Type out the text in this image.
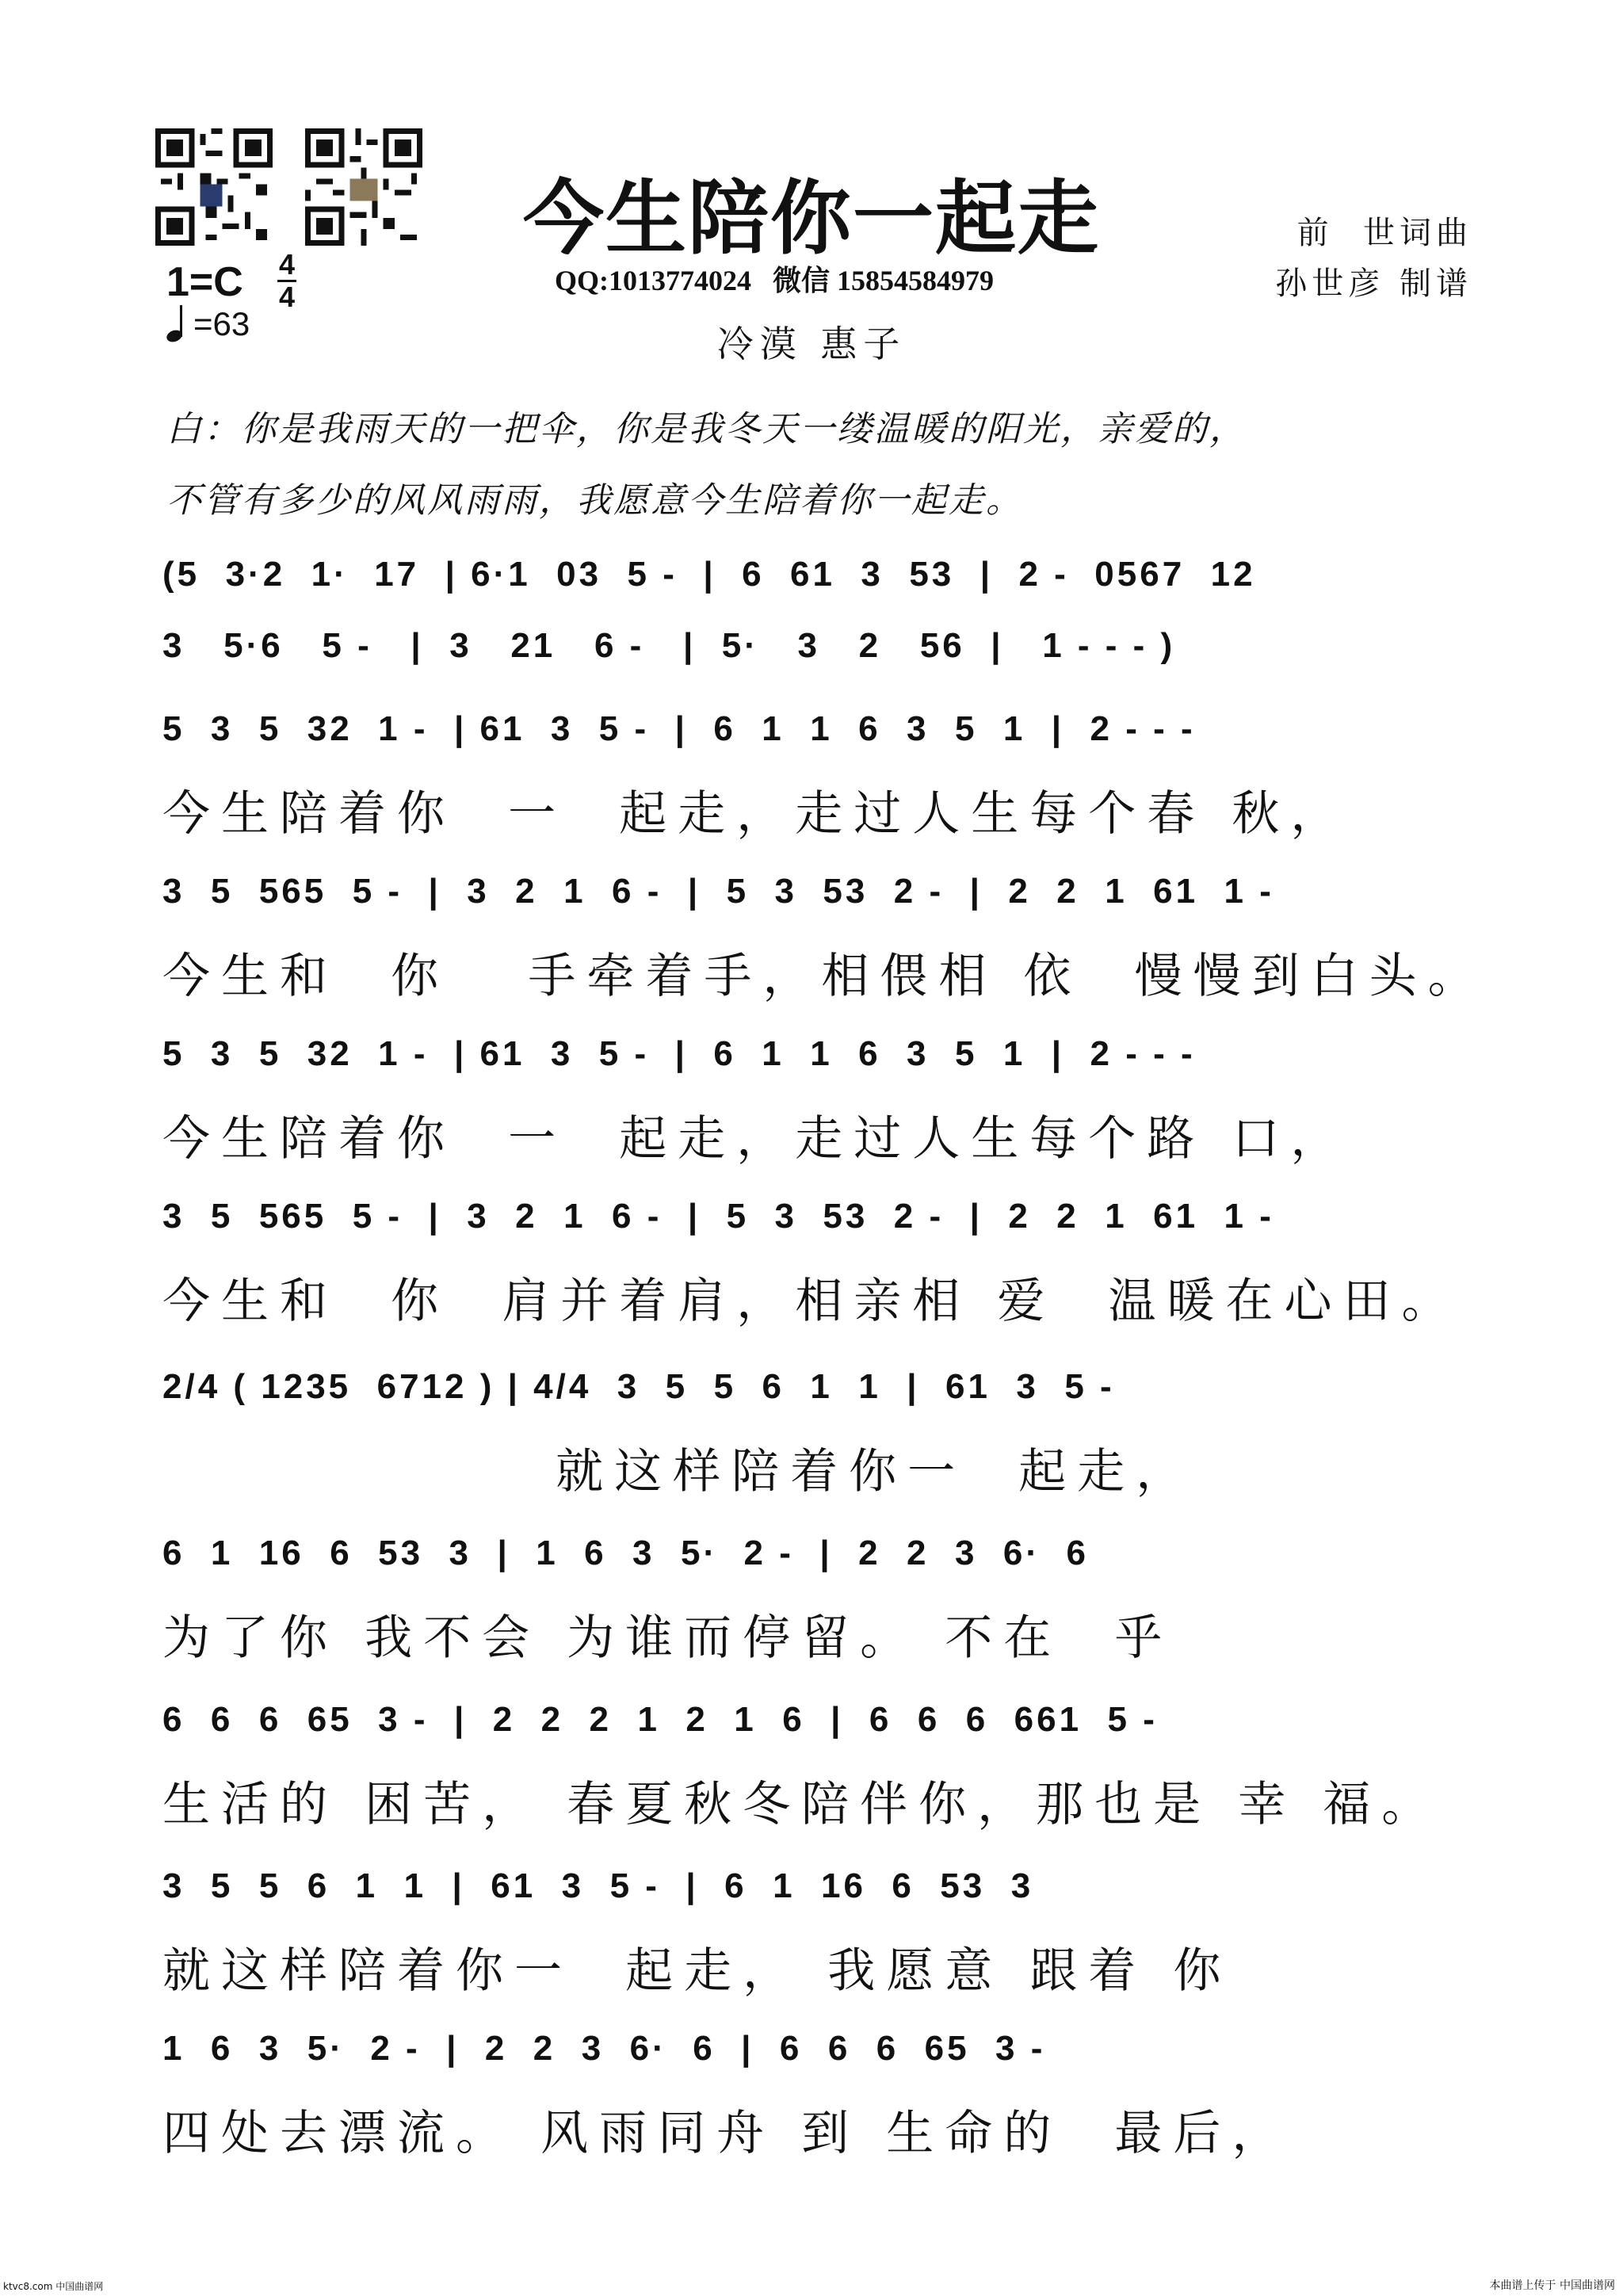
今生陪你一起走
QQ:1013774024   微信 15854584979
冷漠 惠子
前  世词曲
孙世彦 制谱
1=C 4
4
=63
白：你是我雨天的一把伞，你是我冬天一缕温暖的阳光，亲爱的，
不管有多少的风风雨雨，我愿意今生陪着你一起走。
(5  3·2  1·  17  | 6·1  03  5 -  |  6  61  3  53  |  2 -  0567  12
3   5·6   5 -   |  3   21   6 -   |  5·   3   2   56  |   1 - - - )
5  3  5  32  1 -  | 61  3  5 -  |  6  1  1  6  3  5  1  |  2 - - -
今生陪着你  一  起走，走过人生每个春 秋，
3  5  565  5 -  |  3  2  1  6 -  |  5  3  53  2 -  |  2  2  1  61  1 -
今生和  你   手牵着手，相偎相 依  慢慢到白头。
5  3  5  32  1 -  | 61  3  5 -  |  6  1  1  6  3  5  1  |  2 - - -
今生陪着你  一  起走，走过人生每个路 口，
3  5  565  5 -  |  3  2  1  6 -  |  5  3  53  2 -  |  2  2  1  61  1 -
今生和  你  肩并着肩，相亲相 爱  温暖在心田。
2/4 ( 1235  6712 ) | 4/4  3  5  5  6  1  1  |  61  3  5 -
就这样陪着你一  起走，
6  1  16  6  53  3  |  1  6  3  5·  2 -  |  2  2  3  6·  6
为了你 我不会 为谁而停留。 不在  乎
6  6  6  65  3 -  |  2  2  2  1  2  1  6  |  6  6  6  661  5 -
生活的 困苦， 春夏秋冬陪伴你，那也是 幸 福。
3  5  5  6  1  1  |  61  3  5 -  |  6  1  16  6  53  3
就这样陪着你一  起走， 我愿意 跟着 你
1  6  3  5·  2 -  |  2  2  3  6·  6  |  6  6  6  65  3 -
四处去漂流。 风雨同舟 到 生命的  最后，
ktvc8.com 中国曲谱网	本曲谱上传于 中国曲谱网
